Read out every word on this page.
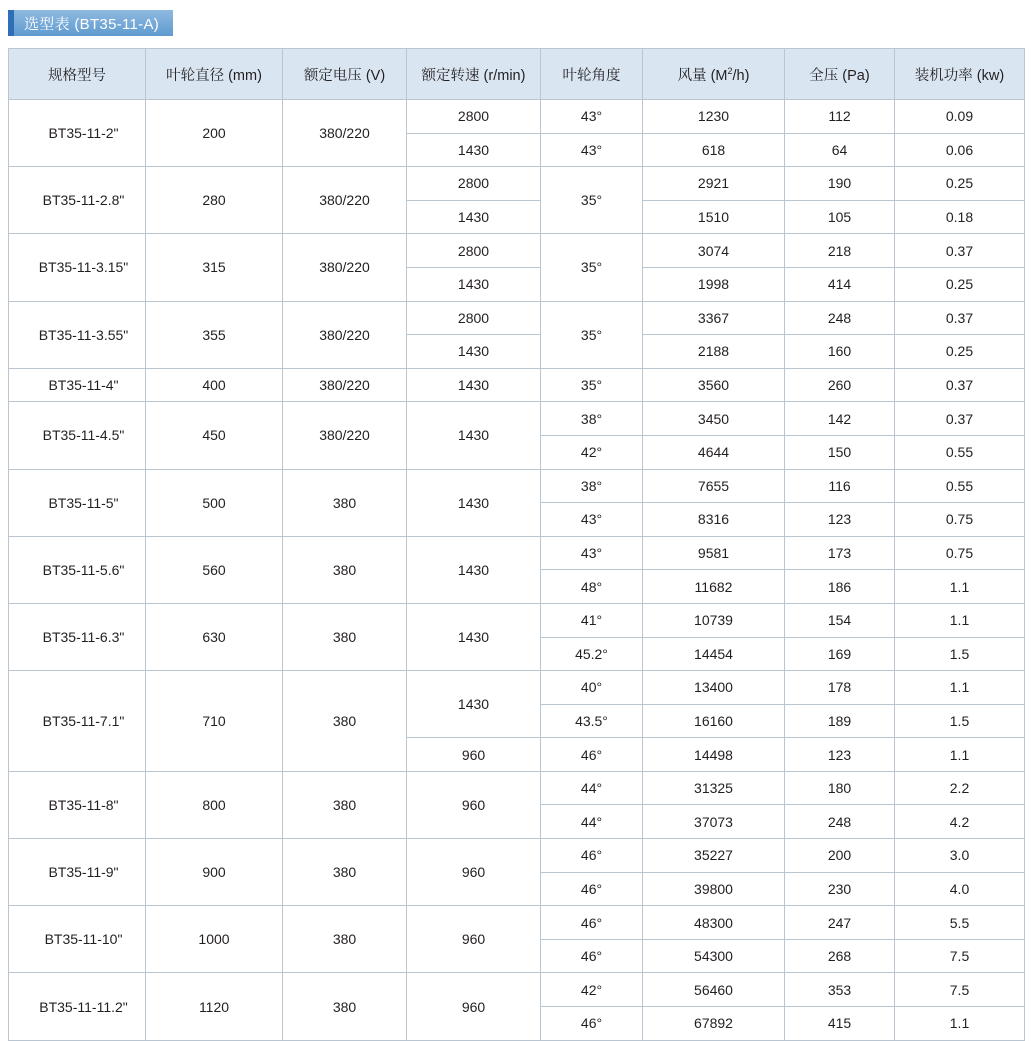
选型表 (BT35-11-A)
规格型号	叶轮直径 (mm)	额定电压 (V)	额定转速 (r/min)	叶轮角度	风量 $(M^2/h)$	全压 (Pa)	装机功率 (kw)
BT35-11-2"	200	380/220	2800	43°	1230	112	0.09
			1430	43°	618	64	0.06
BT35-11-2.8"	280	380/220	2800	35°	2921	190	0.25
			1430		1510	105	0.18
BT35-11-3.15"	315	380/220	2800	35°	3074	218	0.37
			1430		1998	414	0.25
BT35-11-3.55"	355	380/220	2800	35°	3367	248	0.37
			1430		2188	160	0.25
BT35-11-4"	400	380/220	1430	35°	3560	260	0.37
BT35-11-4.5"	450	380/220	1430	38°	3450	142	0.37
				42°	4644	150	0.55
BT35-11-5"	500	380	1430	38°	7655	116	0.55
				43°	8316	123	0.75
BT35-11-5.6"	560	380	1430	43°	9581	173	0.75
				48°	11682	186	1.1
BT35-11-6.3"	630	380	1430	41°	10739	154	1.1
				45.2°	14454	169	1.5
BT35-11-7.1"	710	380	1430	40°	13400	178	1.1
				43.5°	16160	189	1.5
			960	46°	14498	123	1.1
BT35-11-8"	800	380	960	44°	31325	180	2.2
				44°	37073	248	4.2
BT35-11-9"	900	380	960	46°	35227	200	3.0
				46°	39800	230	4.0
BT35-11-10"	1000	380	960	46°	48300	247	5.5
				46°	54300	268	7.5
BT35-11-11.2"	1120	380	960	42°	56460	353	7.5
				46°	67892	415	1.1
